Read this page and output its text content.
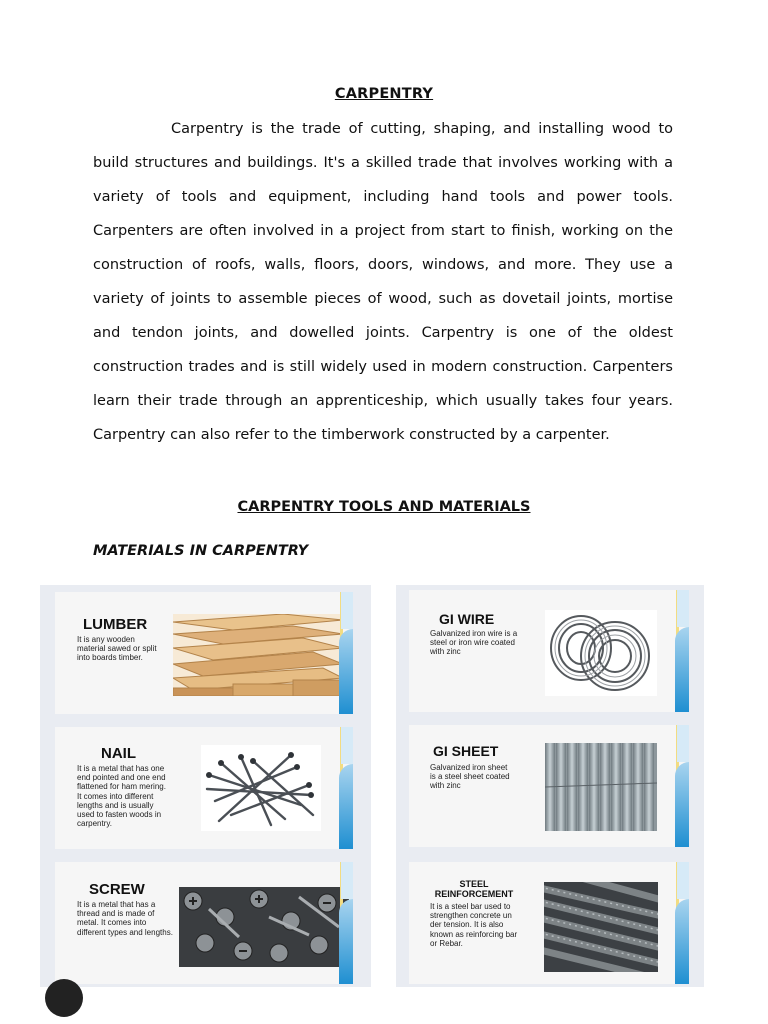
CARPENTRY

Carpentry is the trade of cutting, shaping, and installing wood to build structures and buildings. It's a skilled trade that involves working with a variety of tools and equipment, including hand tools and power tools. Carpenters are often involved in a project from start to finish, working on the construction of roofs, walls, floors, doors, windows, and more. They use a variety of joints to assemble pieces of wood, such as dovetail joints, mortise and tendon joints, and dowelled joints. Carpentry is one of the oldest construction trades and is still widely used in modern construction. Carpenters learn their trade through an apprenticeship, which usually takes four years. Carpentry can also refer to the timberwork constructed by a carpenter.

CARPENTRY TOOLS AND MATERIALS
MATERIALS IN CARPENTRY
LUMBER
It is any wooden material sawed or split into boards timber.
NAIL
It is a metal that has one end pointed and one end flattened for ham mering. It comes into different lengths and is usually used to fasten woods in carpentry.
SCREW
It is a metal that has a thread and is made of metal. It comes into different types and lengths.
GI WIRE
Galvanized iron wire is a steel or iron wire coated with zinc
GI SHEET
Galvanized iron sheet is a steel sheet coated with zinc
STEEL REINFORCEMENT
It is a steel bar used to strengthen concrete un der tension. It is also known as reinforcing bar or Rebar.
